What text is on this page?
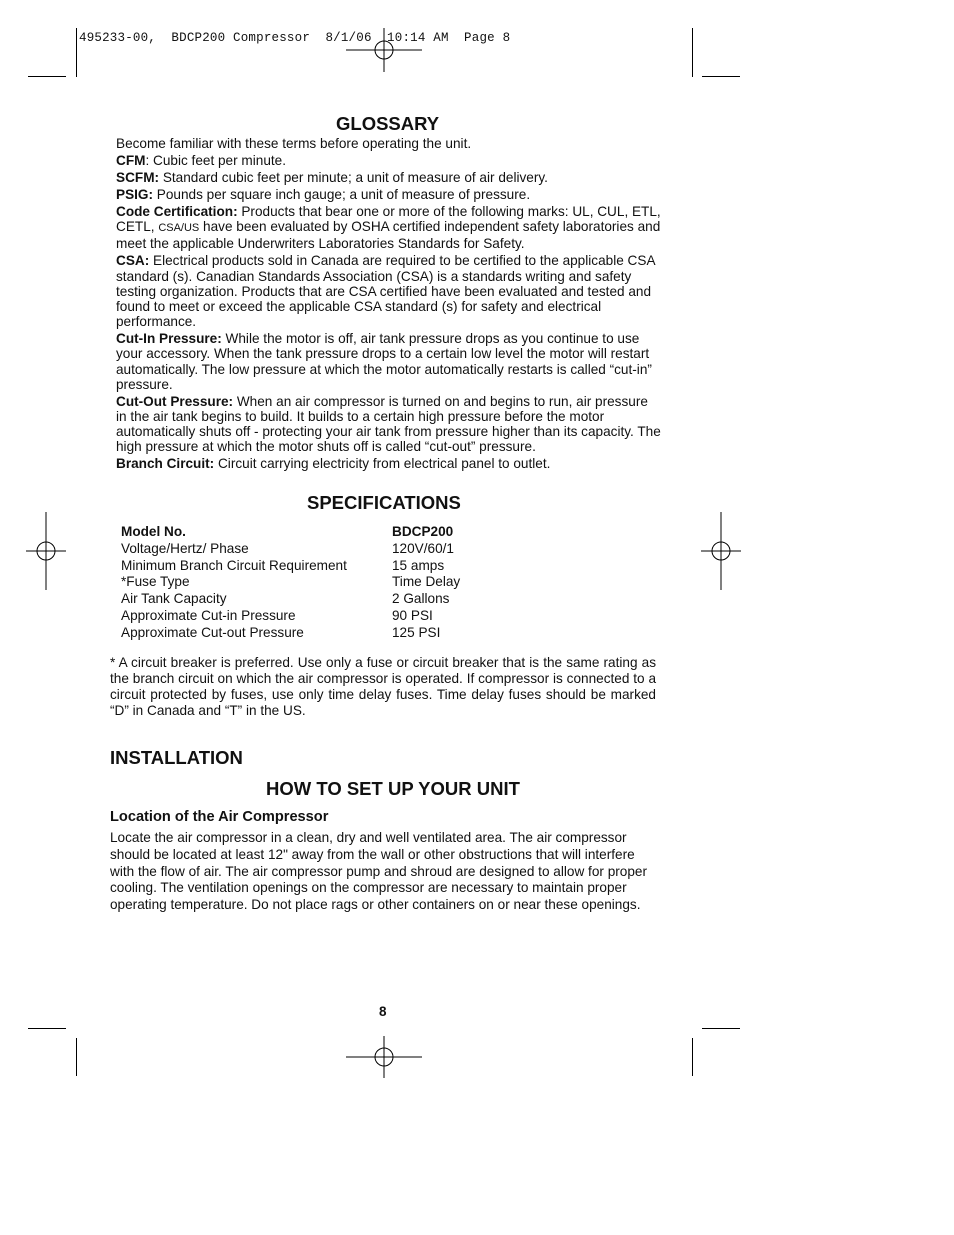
495233-00,  BDCP200 Compressor  8/1/06  10:14 AM  Page 8
GLOSSARY

Become familiar with these terms before operating the unit.

CFM: Cubic feet per minute.

SCFM: Standard cubic feet per minute; a unit of measure of air delivery.

PSIG: Pounds per square inch gauge; a unit of measure of pressure.

Code Certification: Products that bear one or more of the following marks: UL, CUL, ETL, CETL, CSA/US have been evaluated by OSHA certified independent safety laboratories and meet the applicable Underwriters Laboratories Standards for Safety.

CSA: Electrical products sold in Canada are required to be certified to the applicable CSA standard (s). Canadian Standards Association (CSA) is a standards writing and safety testing organization. Products that are CSA certified have been evaluated and tested and found to meet or exceed the applicable CSA standard (s) for safety and electrical performance.

Cut-In Pressure: While the motor is off, air tank pressure drops as you continue to use your accessory. When the tank pressure drops to a certain low level the motor will restart automatically. The low pressure at which the motor automatically restarts is called “cut-in” pressure.

Cut-Out Pressure: When an air compressor is turned on and begins to run, air pressure in the air tank begins to build. It builds to a certain high pressure before the motor automatically shuts off - protecting your air tank from pressure higher than its capacity. The high pressure at which the motor shuts off is called “cut-out” pressure.

Branch Circuit: Circuit carrying electricity from electrical panel to outlet.

SPECIFICATIONS
Model No.	BDCP200
Voltage/Hertz/ Phase	120V/60/1
Minimum Branch Circuit Requirement	15 amps
*Fuse Type	Time Delay
Air Tank Capacity	2 Gallons
Approximate Cut-in Pressure	90 PSI
Approximate Cut-out Pressure	125 PSI

* A circuit breaker is preferred. Use only a fuse or circuit breaker that is the same rating as the branch circuit on which the air compressor is operated. If compressor is connected to a circuit protected by fuses, use only time delay fuses. Time delay fuses should be marked “D” in Canada and “T” in the US.

INSTALLATION
HOW TO SET UP YOUR UNIT

Location of the Air Compressor

Locate the air compressor in a clean, dry and well ventilated area. The air compressor should be located at least 12" away from the wall or other obstructions that will interfere with the flow of air. The air compressor pump and shroud are designed to allow for proper cooling. The ventilation openings on the compressor are necessary to maintain proper operating temperature. Do not place rags or other containers on or near these openings.

8
